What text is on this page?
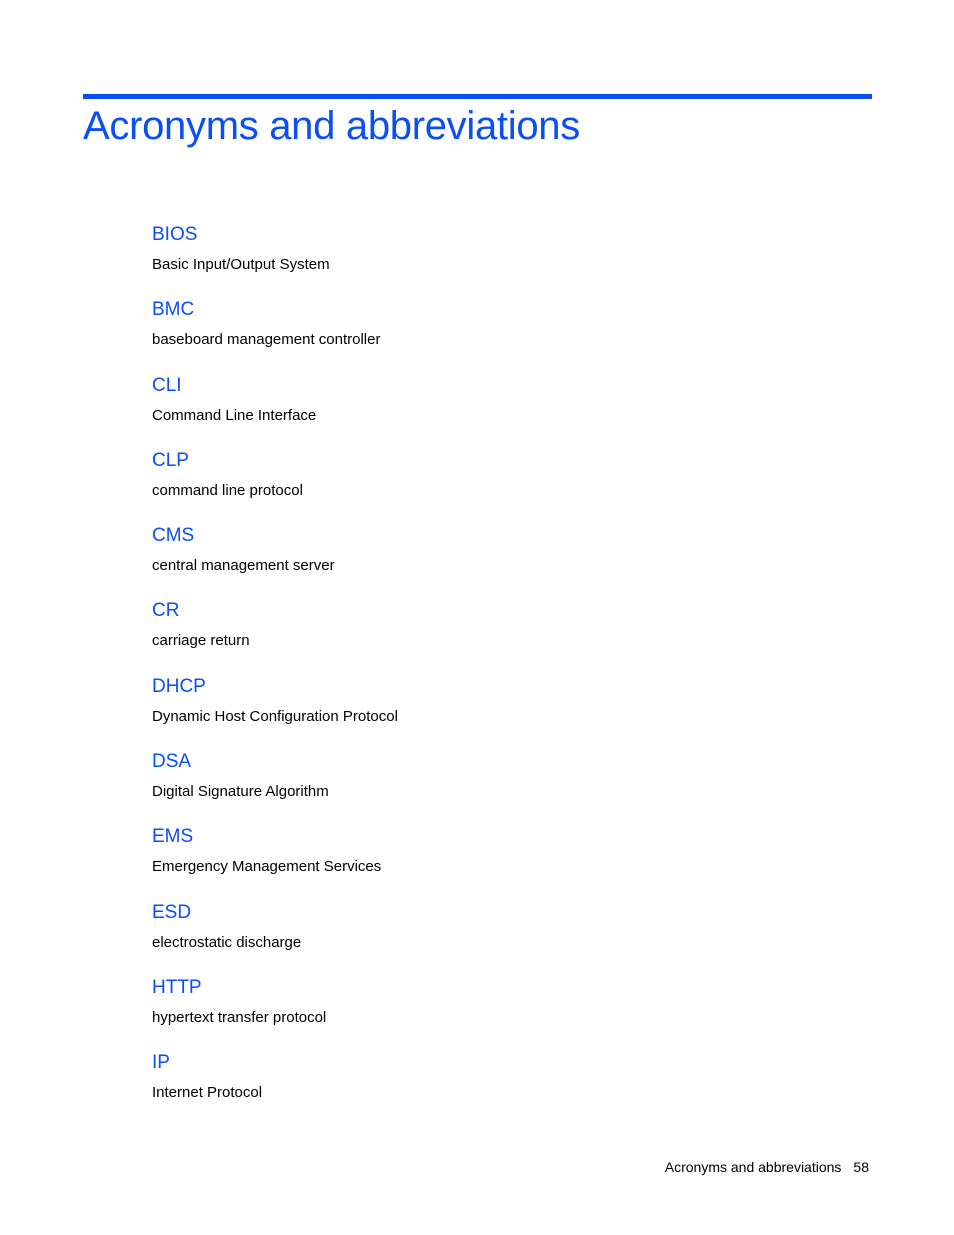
Acronyms and abbreviations
BIOS
Basic Input/Output System
BMC
baseboard management controller
CLI
Command Line Interface
CLP
command line protocol
CMS
central management server
CR
carriage return
DHCP
Dynamic Host Configuration Protocol
DSA
Digital Signature Algorithm
EMS
Emergency Management Services
ESD
electrostatic discharge
HTTP
hypertext transfer protocol
IP
Internet Protocol
Acronyms and abbreviations 58
